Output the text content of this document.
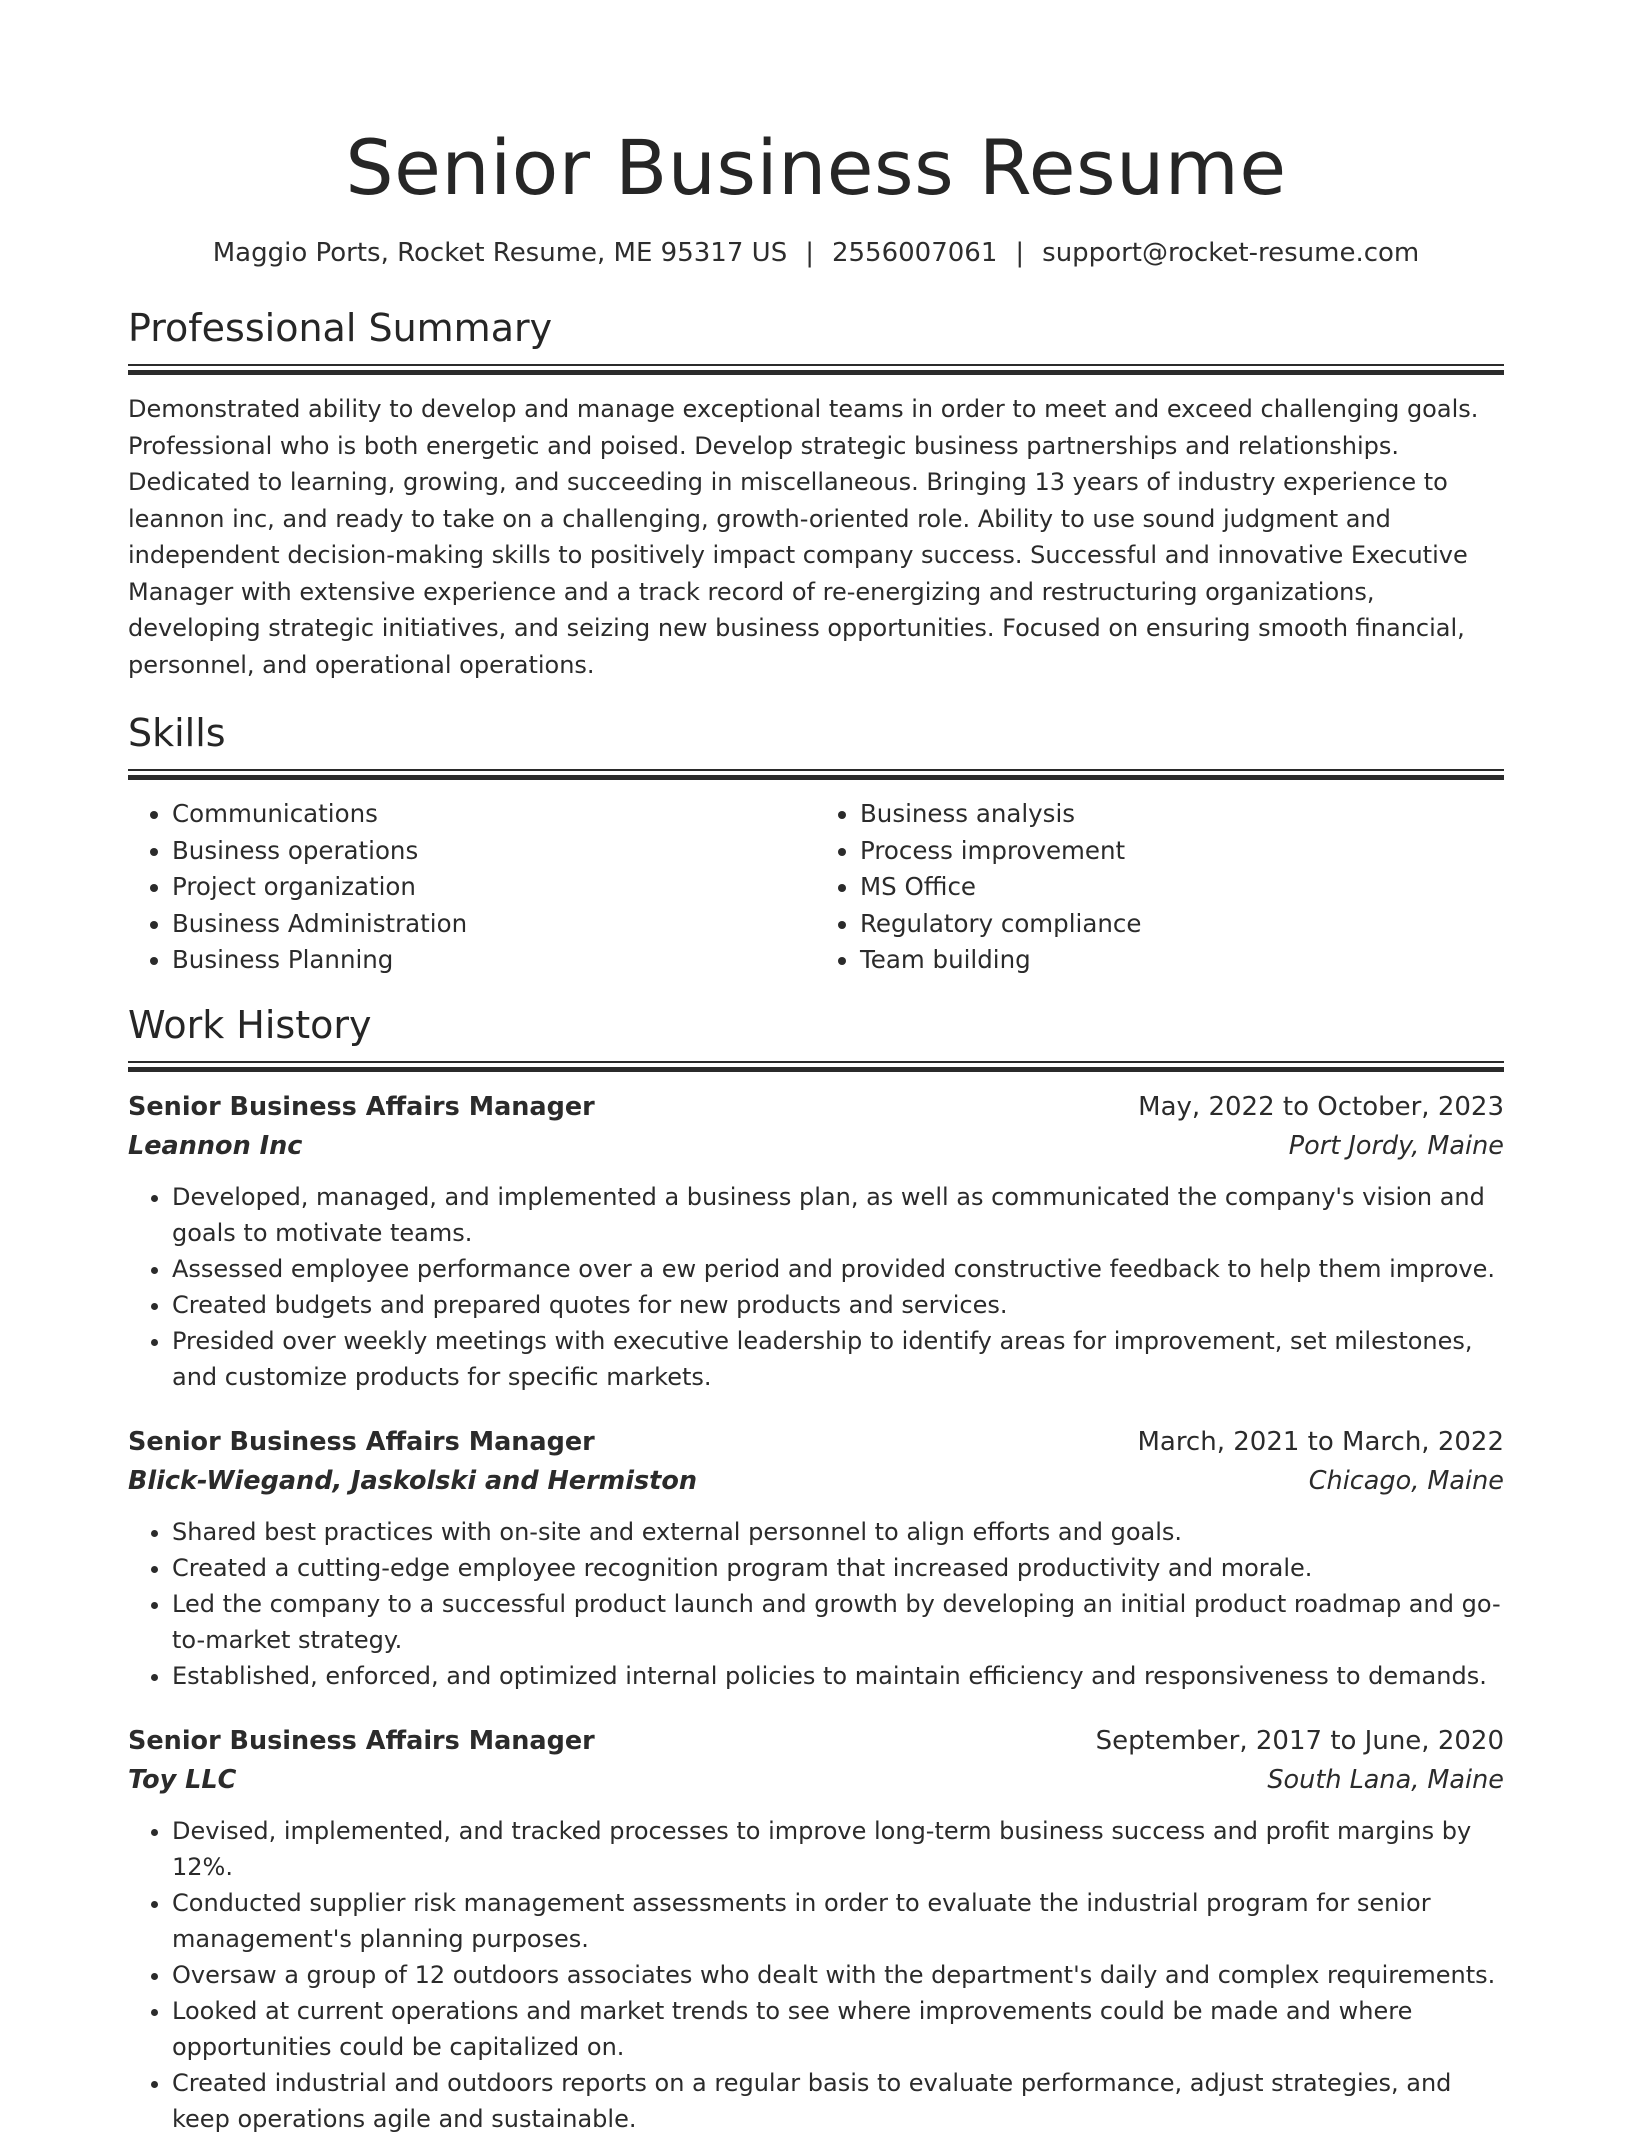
Senior Business Resume
Maggio Ports, Rocket Resume, ME 95317 US | 2556007061 | support@rocket-resume.com
Professional Summary

Demonstrated ability to develop and manage exceptional teams in order to meet and exceed challenging goals. Professional who is both energetic and poised. Develop strategic business partnerships and relationships. Dedicated to learning, growing, and succeeding in miscellaneous. Bringing 13 years of industry experience to leannon inc, and ready to take on a challenging, growth-oriented role. Ability to use sound judgment and independent decision-making skills to positively impact company success. Successful and innovative Executive Manager with extensive experience and a track record of re-energizing and restructuring organizations, developing strategic initiatives, and seizing new business opportunities. Focused on ensuring smooth financial, personnel, and operational operations.

Skills
• Communications
• Business operations
• Project organization
• Business Administration
• Business Planning
• Business analysis
• Process improvement
• MS Office
• Regulatory compliance
• Team building
Work History
Senior Business Affairs Manager	May, 2022 to October, 2023
Leannon Inc	Port Jordy, Maine
• Developed, managed, and implemented a business plan, as well as communicated the company's vision and goals to motivate teams.
• Assessed employee performance over a ew period and provided constructive feedback to help them improve.
• Created budgets and prepared quotes for new products and services.
• Presided over weekly meetings with executive leadership to identify areas for improvement, set milestones, and customize products for specific markets.
Senior Business Affairs Manager	March, 2021 to March, 2022
Blick-Wiegand, Jaskolski and Hermiston	Chicago, Maine
• Shared best practices with on-site and external personnel to align efforts and goals.
• Created a cutting-edge employee recognition program that increased productivity and morale.
• Led the company to a successful product launch and growth by developing an initial product roadmap and go-to-market strategy.
• Established, enforced, and optimized internal policies to maintain efficiency and responsiveness to demands.
Senior Business Affairs Manager	September, 2017 to June, 2020
Toy LLC	South Lana, Maine
• Devised, implemented, and tracked processes to improve long-term business success and profit margins by 12%.
• Conducted supplier risk management assessments in order to evaluate the industrial program for senior management's planning purposes.
• Oversaw a group of 12 outdoors associates who dealt with the department's daily and complex requirements.
• Looked at current operations and market trends to see where improvements could be made and where opportunities could be capitalized on.
• Created industrial and outdoors reports on a regular basis to evaluate performance, adjust strategies, and keep operations agile and sustainable.
